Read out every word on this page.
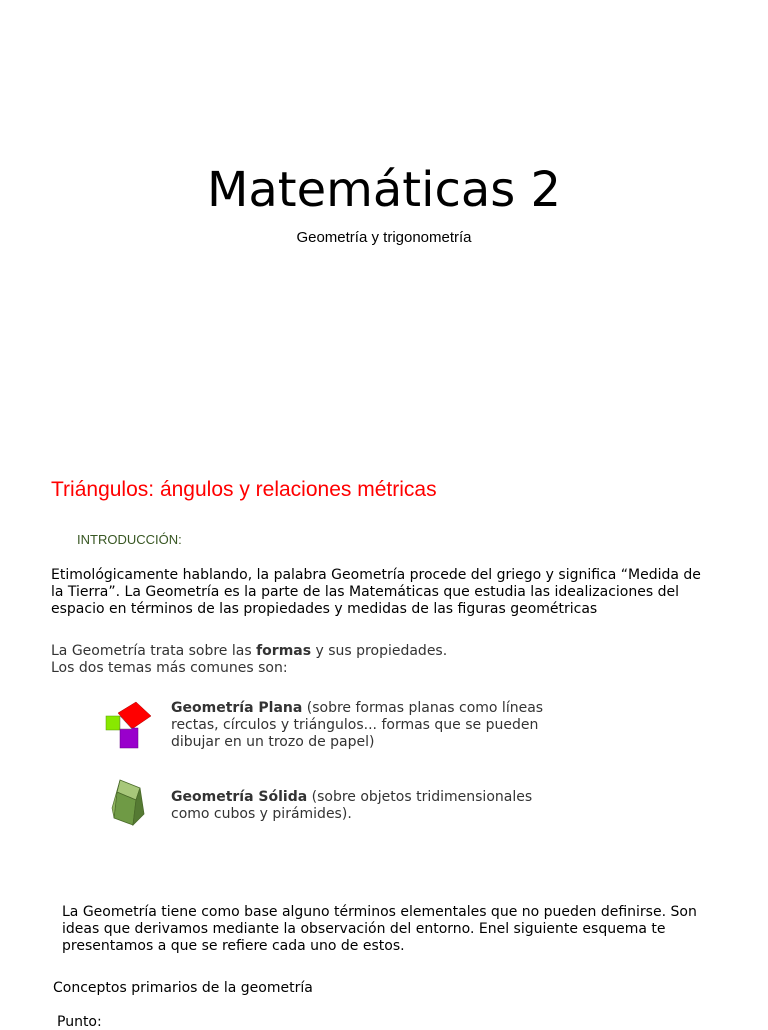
Matemáticas 2
Geometría y trigonometría
Triángulos: ángulos y relaciones métricas
INTRODUCCIÓN:
Etimológicamente hablando, la palabra Geometría procede del griego y significa “Medida de la Tierra”. La Geometría es la parte de las Matemáticas que estudia las idealizaciones del espacio en términos de las propiedades y medidas de las figuras geométricas
La Geometría trata sobre las formas y sus propiedades.
Los dos temas más comunes son:
Geometría Plana (sobre formas planas como líneas rectas, círculos y triángulos... formas que se pueden dibujar en un trozo de papel)
Geometría Sólida (sobre objetos tridimensionales como cubos y pirámides).
La Geometría tiene como base alguno términos elementales que no pueden definirse. Son ideas que derivamos mediante la observación del entorno. Enel siguiente esquema te presentamos a que se refiere cada uno de estos.
Conceptos primarios de la geometría
Punto:
